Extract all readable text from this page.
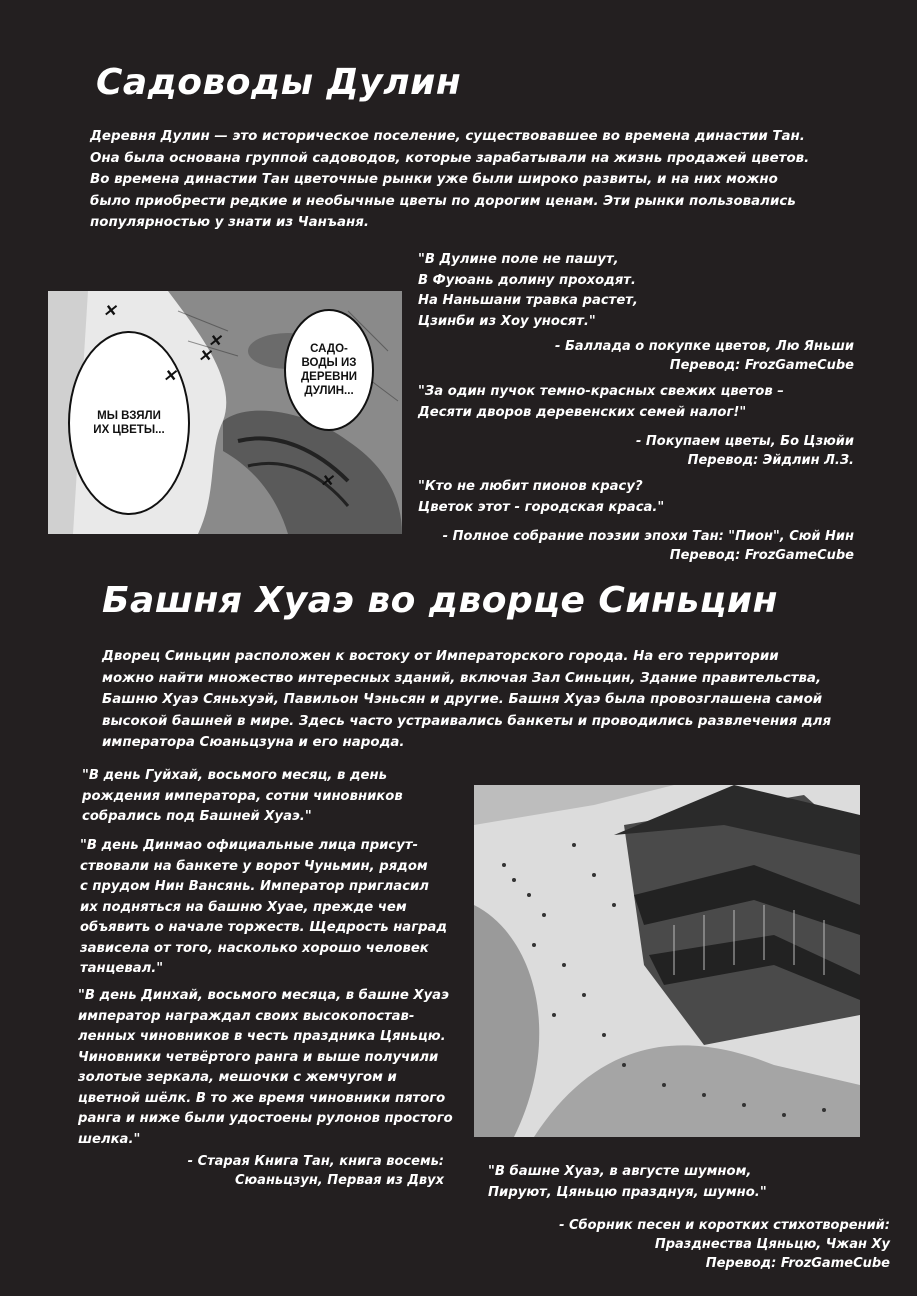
Садоводы Дулин
Деревня Дулин — это историческое поселение, существовавшее во времена династии Тан.
Она была основана группой садоводов, которые зарабатывали на жизнь продажей цветов.
Во времена династии Тан цветочные рынки уже были широко развиты, и на них можно
было приобрести редкие и необычные цветы по дорогим ценам. Эти рынки пользовались
популярностью у знати из Чанъаня.
МЫ ВЗЯЛИ
ИХ ЦВЕТЫ...
САДО-
ВОДЫ ИЗ
ДЕРЕВНИ
ДУЛИН...
✕
✕
✕
✕
✕
"В Дулине поле не пашут,
В Фуюань долину проходят.
На Наньшани травка растет,
Цзинби из Хоу уносят."
- Баллада о покупке цветов, Лю Яньши
Перевод: FrozGameCube
"За один пучок темно-красных свежих цветов –
Десяти дворов деревенских семей налог!"
- Покупаем цветы, Бо Цзюйи
Перевод: Эйдлин Л.З.
"Кто не любит пионов красу?
Цветок этот - городская краса."
- Полное собрание поэзии эпохи Тан: "Пион", Сюй Нин
Перевод: FrozGameCube
Башня Хуаэ во дворце Синьцин
Дворец Синьцин расположен к востоку от Императорского города. На его территории
можно найти множество интересных зданий, включая Зал Синьцин, Здание правительства,
Башню Хуаэ Сяньхуэй, Павильон Чэньсян и другие. Башня Хуаэ была провозглашена самой
высокой башней в мире. Здесь часто устраивались банкеты и проводились развлечения для
императора Сюаньцзуна и его народа.
"В день Гуйхай, восьмого месяц, в день
рождения императора, сотни чиновников
собрались под Башней Хуаэ."
"В день Динмао официальные лица присут-
ствовали на банкете у ворот Чуньмин, рядом
с прудом Нин Вансянь. Император пригласил
их подняться на башню Хуае, прежде чем
объявить о начале торжеств. Щедрость наград
зависела от того, насколько хорошо человек
танцевал."
"В день Динхай, восьмого месяца, в башне Хуаэ
император награждал своих высокопостав-
ленных чиновников в честь праздника Цяньцю.
Чиновники четвёртого ранга и выше получили
золотые зеркала, мешочки с жемчугом и
цветной шёлк. В то же время чиновники пятого
ранга и ниже были удостоены рулонов простого
шелка."
- Старая Книга Тан, книга восемь:
Сюаньцзун, Первая из Двух
"В башне Хуаэ, в августе шумном,
Пируют, Цяньцю празднуя, шумно."
- Сборник песен и коротких стихотворений:
Празднества Цяньцю, Чжан Ху
Перевод: FrozGameCube
